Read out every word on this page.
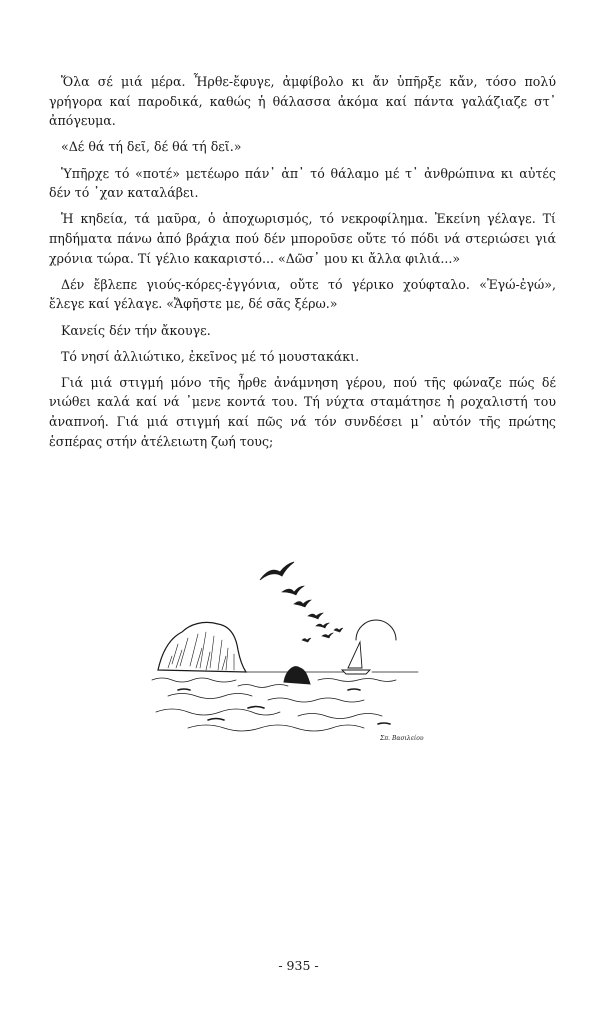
Ὅλα σέ μιά μέρα. Ἦρθε-ἔφυγε, ἀμφίβολο κι ἄν ὑπῆρξε κἄν, τόσο πολύ γρήγορα καί παροδικά, καθώς ἡ θάλασσα ἀκόμα καί πάντα γαλάζιαζε στ᾿ ἀπόγευμα.

«Δέ θά τή δεῖ, δέ θά τή δεῖ.»

Ὑπῆρχε τό «ποτέ» μετέωρο πάν᾿ ἀπ᾿ τό θάλαμο μέ τ᾿ ἀνθρώπινα κι αὐτές δέν τό ᾿χαν καταλάβει.

Ἡ κηδεία, τά μαῦρα, ὁ ἀποχωρισμός, τό νεκροφίλημα. Ἐκείνη γέλαγε. Τί πηδήματα πάνω ἀπό βράχια πού δέν μποροῦσε οὔτε τό πόδι νά στεριώσει γιά χρόνια τώρα. Τί γέλιο κακαριστό... «Δῶσ᾿ μου κι ἄλλα φιλιά...»

Δέν ἔβλεπε γιούς-κόρες-ἐγγόνια, οὔτε τό γέρικο χούφταλο. «Ἐγώ-ἐγώ», ἔλεγε καί γέλαγε. «Ἄφῆστε με, δέ σᾶς ξέρω.»

Κανείς δέν τήν ἄκουγε.

Τό νησί ἀλλιώτικο, ἐκεῖνος μέ τό μουστακάκι.

Γιά μιά στιγμή μόνο τῆς ἦρθε ἀνάμνηση γέρου, πού τῆς φώναζε πώς δέ νιώθει καλά καί νά ᾿μενε κοντά του. Τή νύχτα σταμάτησε ἡ ροχαλιστή του ἀναπνοή. Γιά μιά στιγμή καί πῶς νά τόν συνδέσει μ᾿ αὐτόν τῆς πρώτης ἑσπέρας στήν ἀτέλειωτη ζωή τους;

Σπ. Βασιλείου
- 935 -
